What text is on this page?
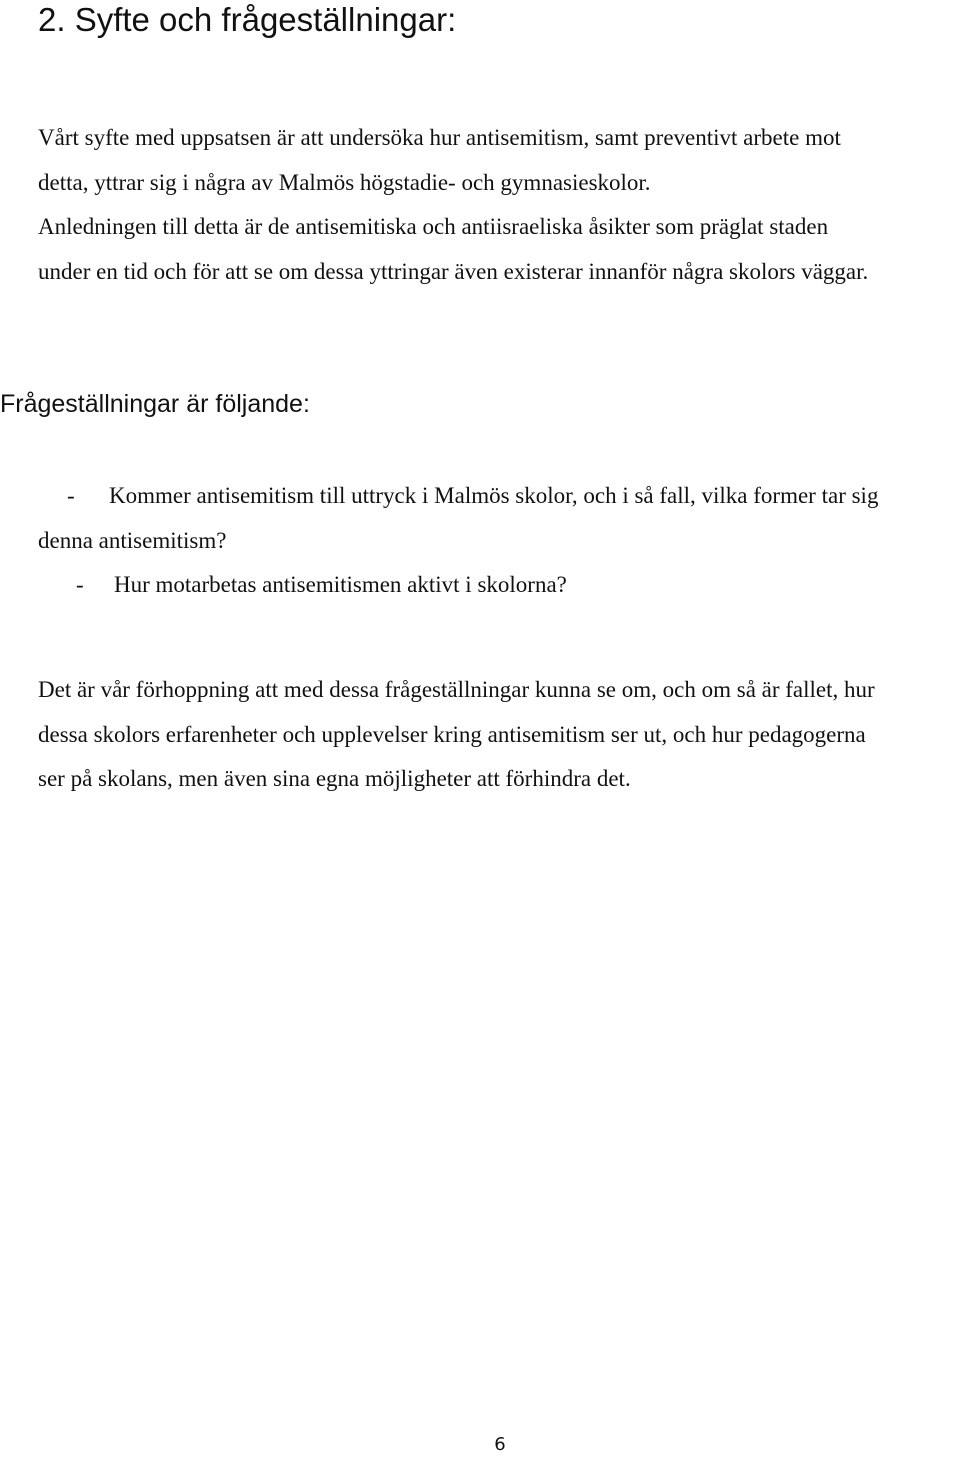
2. Syfte och frågeställningar:

Vårt syfte med uppsatsen är att undersöka hur antisemitism, samt preventivt arbete mot
detta, yttrar sig i några av Malmös högstadie- och gymnasieskolor.
Anledningen till detta är de antisemitiska och antiisraeliska åsikter som präglat staden
under en tid och för att se om dessa yttringar även existerar innanför några skolors väggar.

Frågeställningar är följande:
- Kommer antisemitism till uttryck i Malmös skolor, och i så fall, vilka former tar sig
denna antisemitism?
- Hur motarbetas antisemitismen aktivt i skolorna?

Det är vår förhoppning att med dessa frågeställningar kunna se om, och om så är fallet, hur
dessa skolors erfarenheter och upplevelser kring antisemitism ser ut, och hur pedagogerna
ser på skolans, men även sina egna möjligheter att förhindra det.

6
